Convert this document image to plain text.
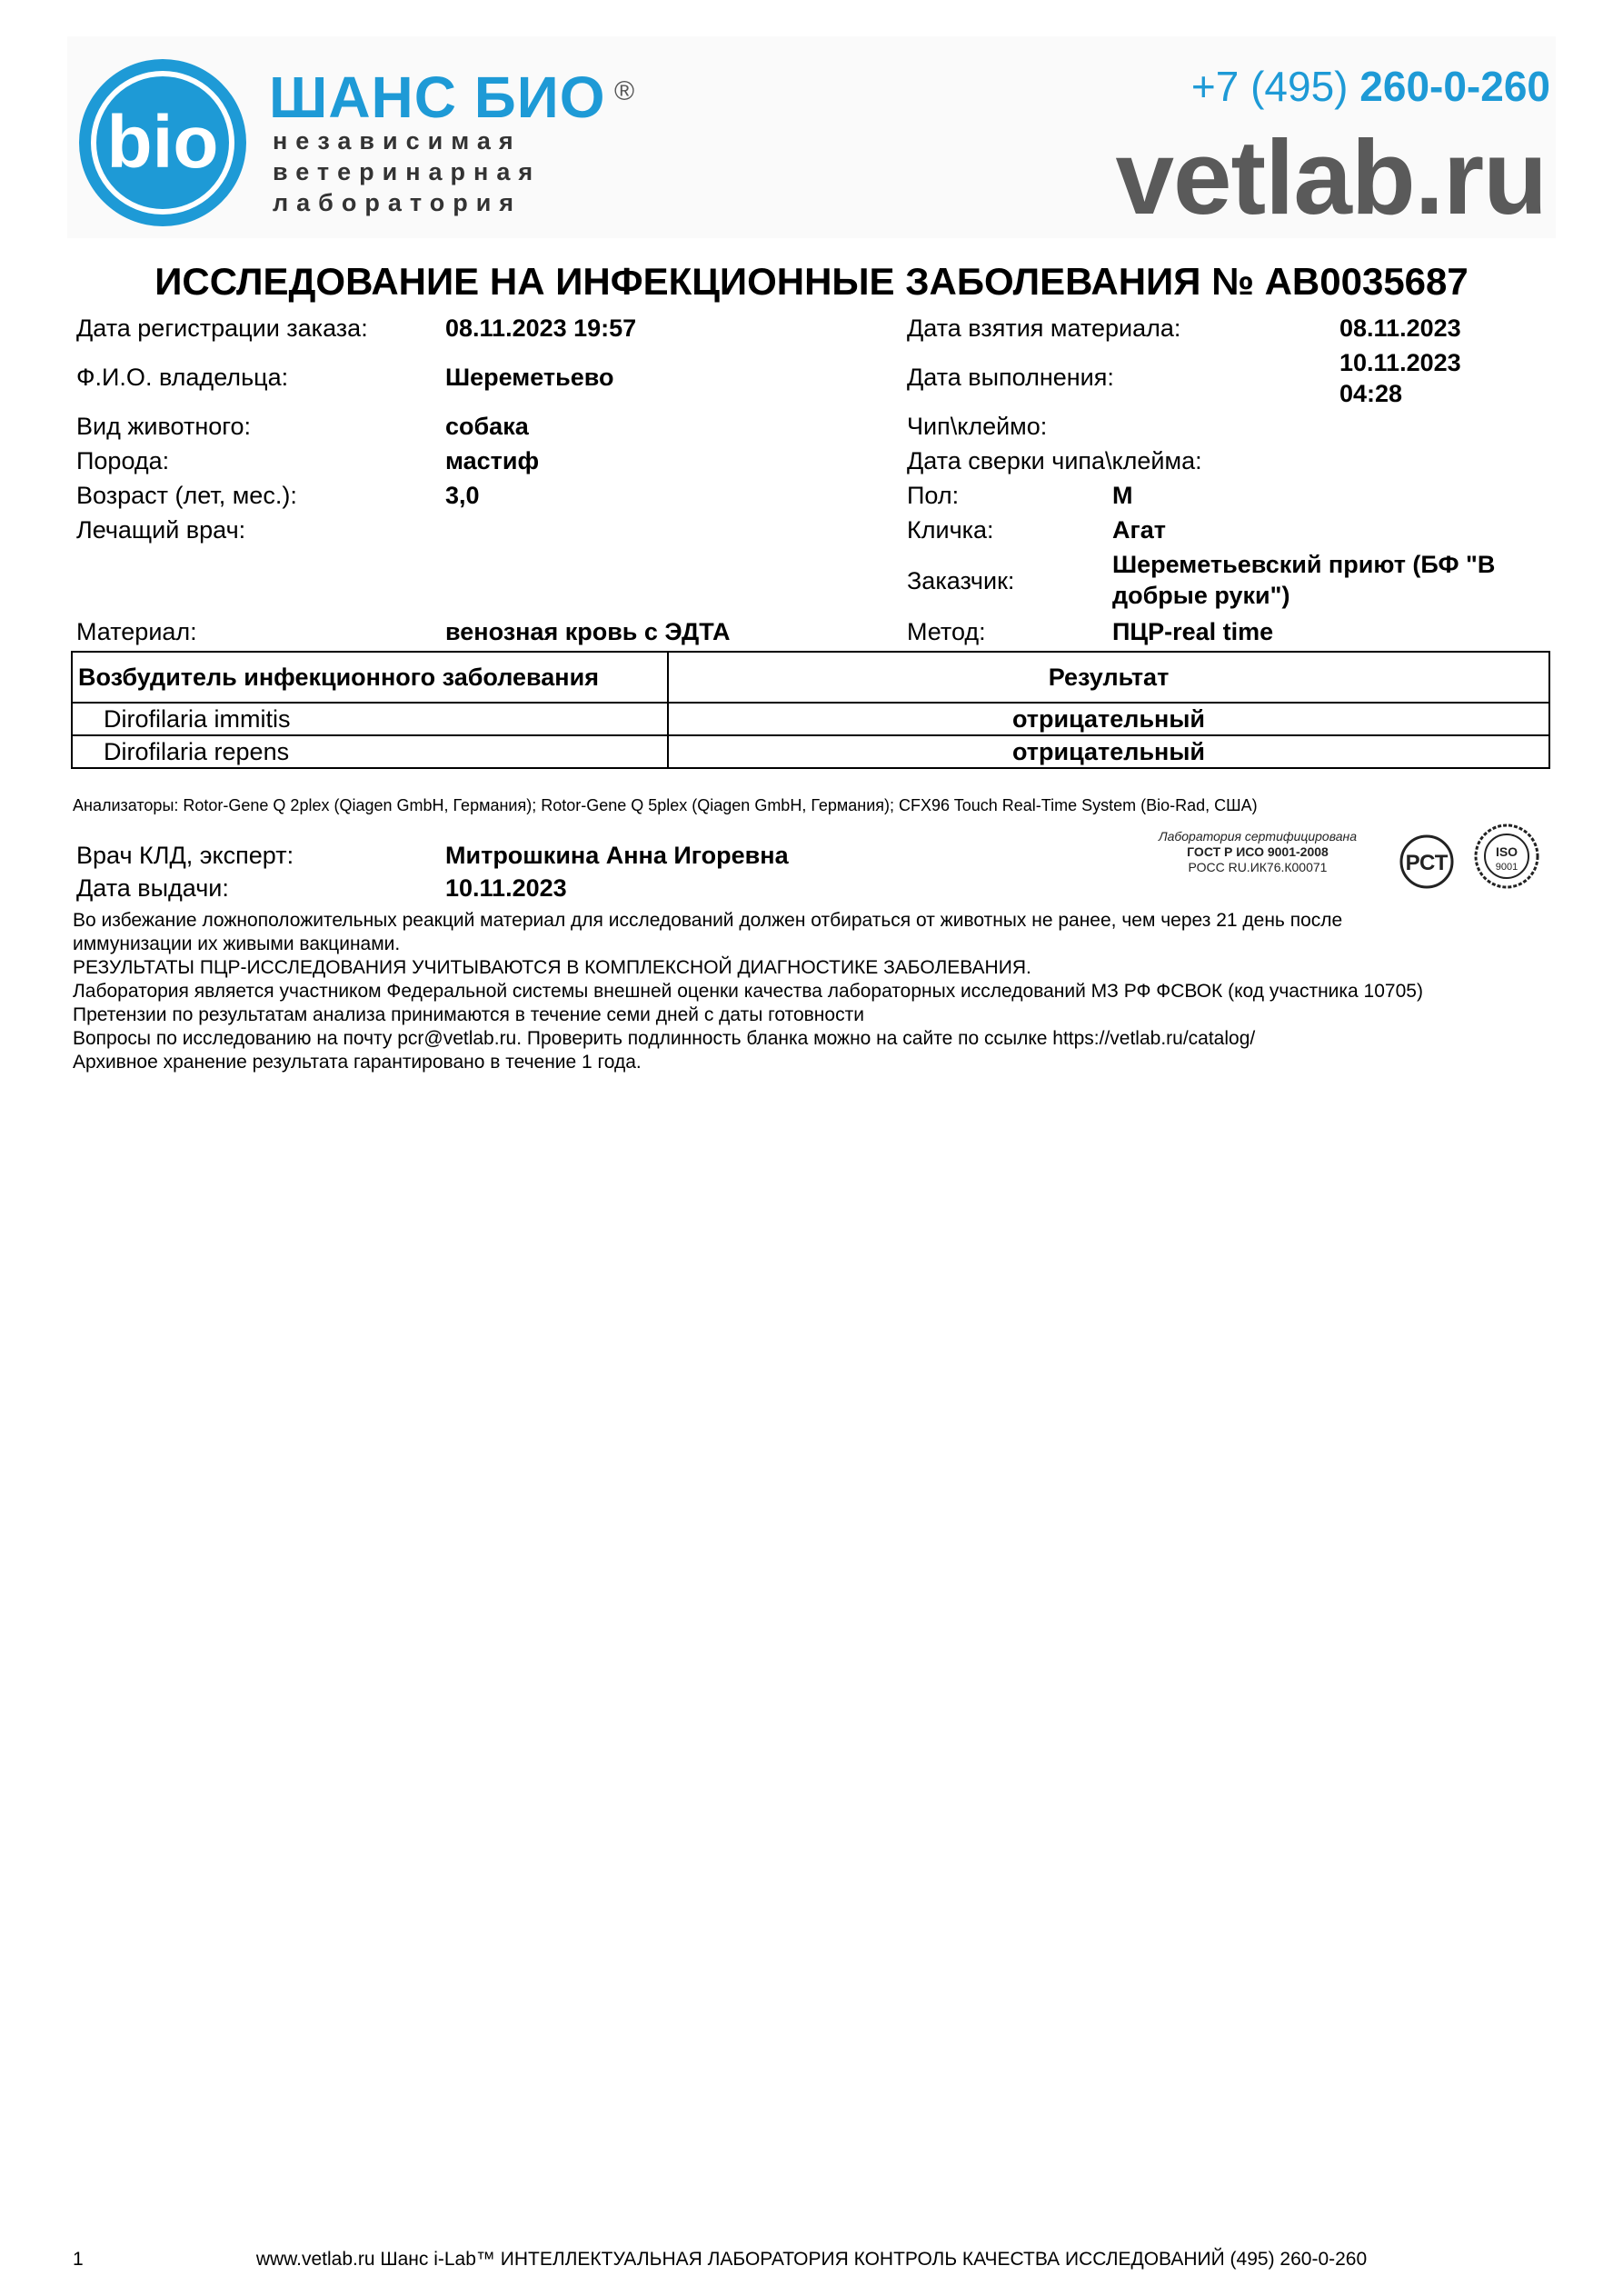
bio
ШАНС БИО ®
независимая
ветеринарная
лаборатория
+7 (495) 260-0-260
vetlab.ru
ИССЛЕДОВАНИЕ НА ИНФЕКЦИОННЫЕ ЗАБОЛЕВАНИЯ № AB0035687
Дата регистрации заказа:	08.11.2023 19:57
Ф.И.О. владельца:	Шереметьево
Вид животного:	собака
Порода:	мастиф
Возраст (лет, мес.):	3,0
Лечащий врач:
Материал:	венозная кровь с ЭДТА
Дата взятия материала:	08.11.2023
Дата выполнения:
10.11.2023
04:28
Чип\клеймо:
Дата сверки чипа\клейма:
Пол:	М
Кличка:	Агат
Заказчик:
Шереметьевский приют (БФ "В
добрые руки")
Метод:	ПЦР-real time
Возбудитель инфекционного заболевания	Результат
Dirofilaria immitis	отрицательный
Dirofilaria repens	отрицательный
Анализаторы: Rotor-Gene Q 2plex (Qiagen GmbH, Германия); Rotor-Gene Q 5plex (Qiagen GmbH, Германия); CFX96 Touch Real-Time System (Bio-Rad, США)
Врач КЛД, эксперт:	Митрошкина Анна Игоревна
Дата выдачи:	10.11.2023
Лаборатория сертифицирована
ГОСТ Р ИСО 9001-2008
РОСС RU.ИК76.К00071	РСТ	ISO
9001
Во избежание ложноположительных реакций материал для исследований должен отбираться от животных не ранее, чем через 21 день после
иммунизации их живыми вакцинами.
РЕЗУЛЬТАТЫ ПЦР-ИССЛЕДОВАНИЯ УЧИТЫВАЮТСЯ В КОМПЛЕКСНОЙ ДИАГНОСТИКЕ ЗАБОЛЕВАНИЯ.
Лаборатория является участником Федеральной системы внешней оценки качества лабораторных исследований МЗ РФ ФСВОК (код участника 10705)
Претензии по результатам анализа принимаются в течение семи дней с даты готовности
Вопросы по исследованию на почту pcr@vetlab.ru. Проверить подлинность бланка можно на сайте по ссылке https://vetlab.ru/catalog/
Архивное хранение результата гарантировано в течение 1 года.
www.vetlab.ru Шанс i-Lab™ ИНТЕЛЛЕКТУАЛЬНАЯ ЛАБОРАТОРИЯ КОНТРОЛЬ КАЧЕСТВА ИССЛЕДОВАНИЙ (495) 260-0-260
1
